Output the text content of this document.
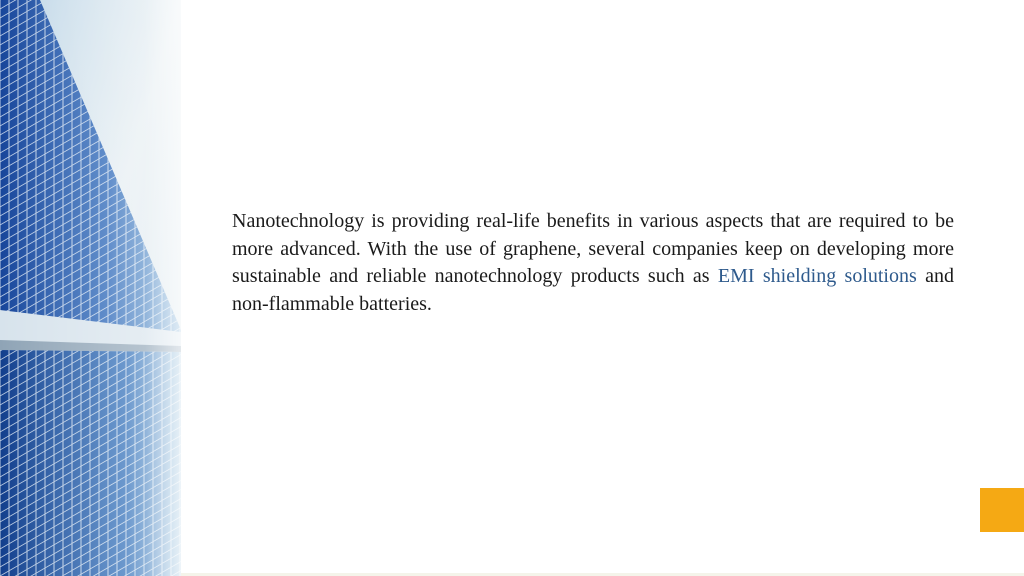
Nanotechnology is providing real-life benefits in various aspects that are required to be more advanced. With the use of graphene, several companies keep on developing more sustainable and reliable nanotechnology products such as EMI shielding solutions and non-flammable batteries.
